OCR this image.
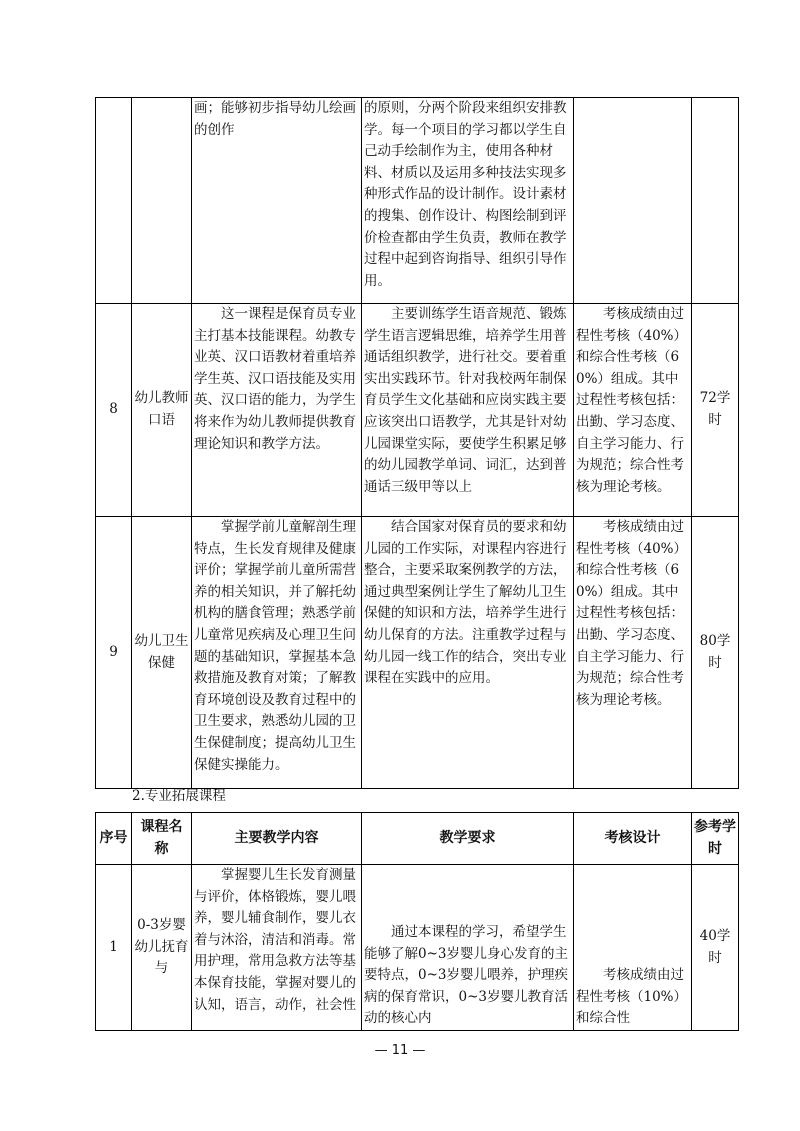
		画；能够初步指导幼儿绘画的创作	的原则，分两个阶段来组织安排教学。每一个项目的学习都以学生自己动手绘制作为主，使用各种材料、材质以及运用多种技法实现多种形式作品的设计制作。设计素材的搜集、创作设计、构图绘制到评价检查都由学生负责，教师在教学过程中起到咨询指导、组织引导作用。		
8	幼儿教师口语	这一课程是保育员专业主打基本技能课程。幼教专业英、汉口语教材着重培养学生英、汉口语技能及实用英、汉口语的能力，为学生将来作为幼儿教师提供教育理论知识和教学方法。	主要训练学生语音规范、锻炼学生语言逻辑思维，培养学生用普通话组织教学，进行社交。要着重实出实践环节。针对我校两年制保育员学生文化基础和应岗实践主要应该突出口语教学，尤其是针对幼儿园课堂实际，要使学生积累足够的幼儿园教学单词、词汇，达到普通话三级甲等以上	考核成绩由过程性考核（40%）和综合性考核（60%）组成。其中过程性考核包括：出勤、学习态度、自主学习能力、行为规范；综合性考核为理论考核。	72学时
9	幼儿卫生保健	掌握学前儿童解剖生理特点，生长发育规律及健康评价；掌握学前儿童所需营养的相关知识，并了解托幼机构的膳食管理；熟悉学前儿童常见疾病及心理卫生问题的基础知识，掌握基本急救措施及教育对策；了解教育环境创设及教育过程中的卫生要求，熟悉幼儿园的卫生保健制度；提高幼儿卫生保健实操能力。	结合国家对保育员的要求和幼儿园的工作实际，对课程内容进行整合，主要采取案例教学的方法，通过典型案例让学生了解幼儿卫生保健的知识和方法，培养学生进行幼儿保育的方法。注重教学过程与幼儿园一线工作的结合，突出专业课程在实践中的应用。	考核成绩由过程性考核（40%）和综合性考核（60%）组成。其中过程性考核包括：出勤、学习态度、自主学习能力、行为规范；综合性考核为理论考核。	80学时
2.专业拓展课程
序号	课程名称	主要教学内容	教学要求	考核设计	参考学时
1	0-3岁婴幼儿抚育与	掌握婴儿生长发育测量与评价，体格锻炼，婴儿喂养，婴儿辅食制作，婴儿衣着与沐浴，清洁和消毒。常用护理，常用急救方法等基本保育技能，掌握对婴儿的认知，语言，动作，社会性	通过本课程的学习，希望学生能够了解0~3岁婴儿身心发育的主要特点，0~3岁婴儿喂养，护理疾病的保育常识，0~3岁婴儿教育活动的核心内	考核成绩由过程性考核（10%）和综合性	40学时
— 11 —
